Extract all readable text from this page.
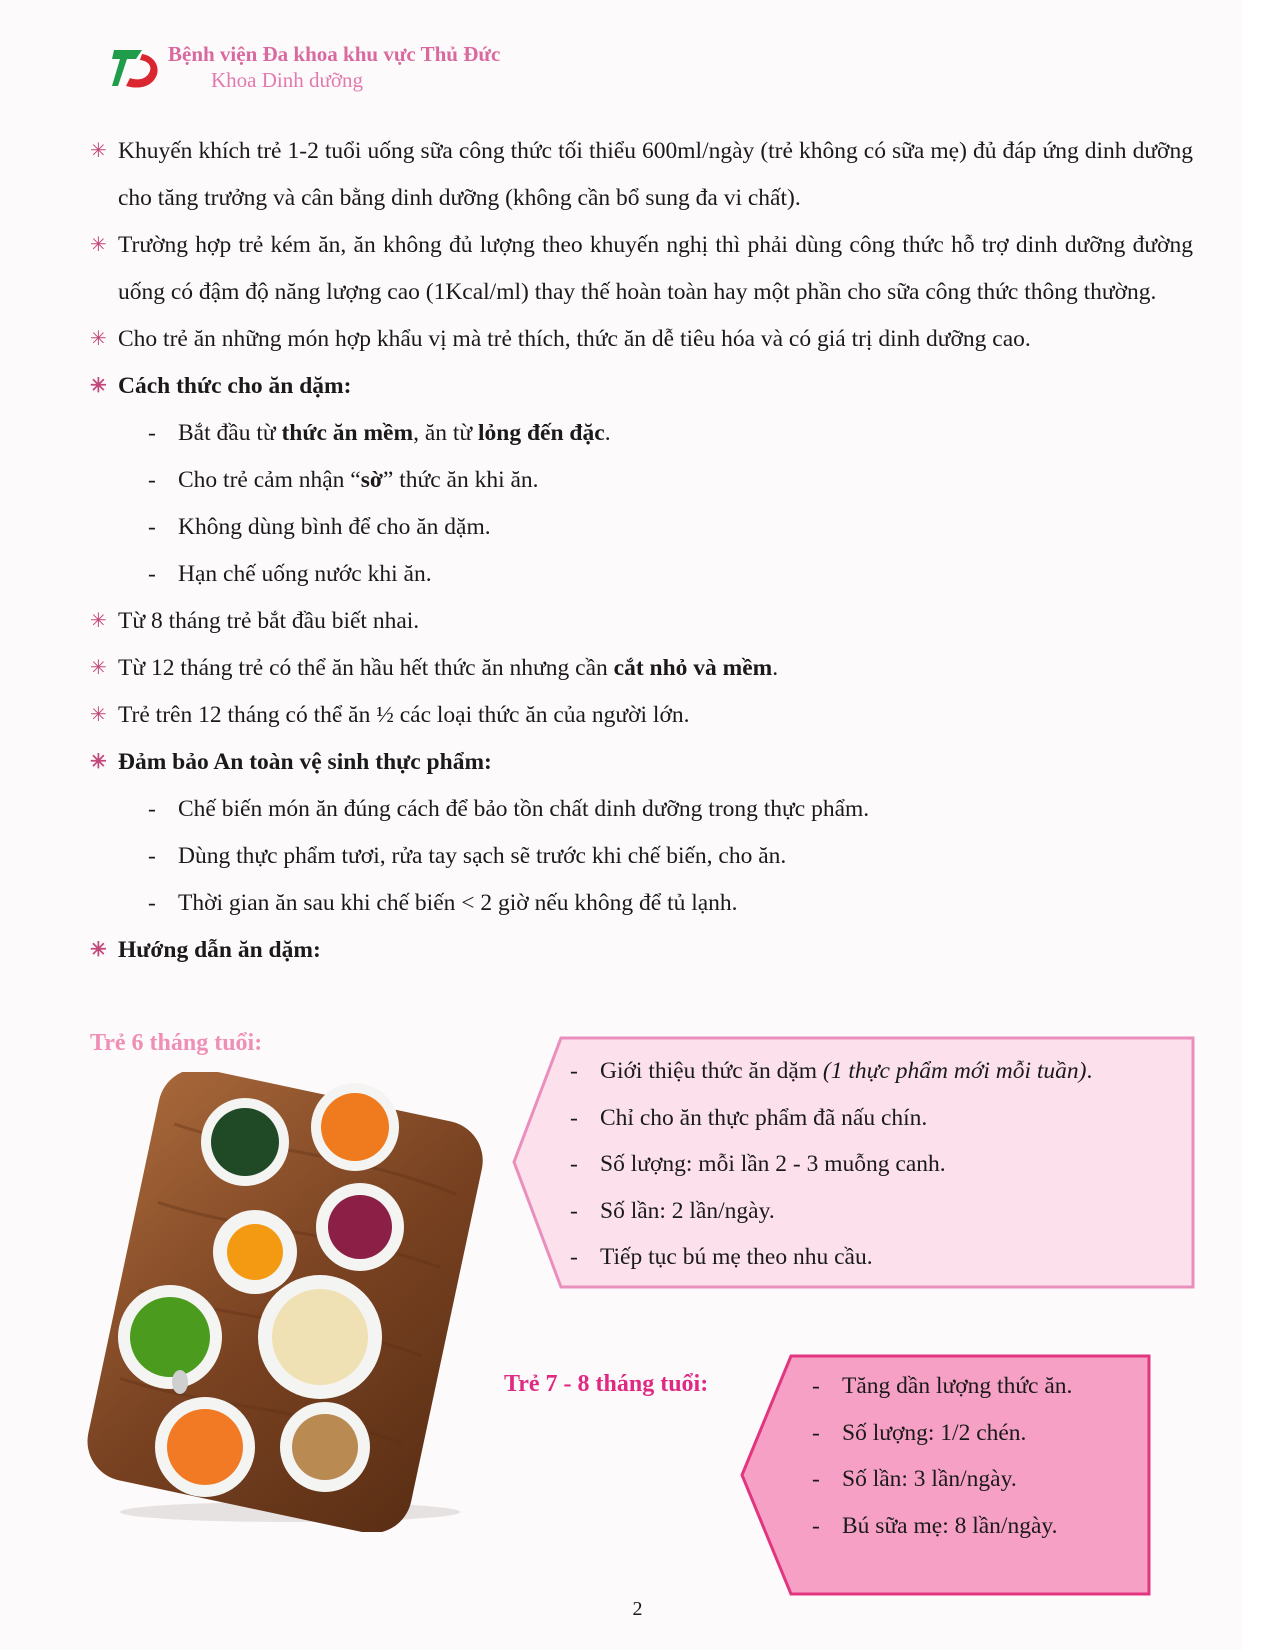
Bệnh viện Đa khoa khu vực Thủ Đức
Khoa Dinh dưỡng
✳ Khuyến khích trẻ 1-2 tuổi uống sữa công thức tối thiểu 600ml/ngày (trẻ không có sữa mẹ) đủ đáp ứng dinh dưỡng cho tăng trưởng và cân bằng dinh dưỡng (không cần bổ sung đa vi chất).
✳ Trường hợp trẻ kém ăn, ăn không đủ lượng theo khuyến nghị thì phải dùng công thức hỗ trợ dinh dưỡng đường uống có đậm độ năng lượng cao (1Kcal/ml) thay thế hoàn toàn hay một phần cho sữa công thức thông thường.
✳ Cho trẻ ăn những món hợp khẩu vị mà trẻ thích, thức ăn dễ tiêu hóa và có giá trị dinh dưỡng cao.
✳ Cách thức cho ăn dặm:
- Bắt đầu từ thức ăn mềm, ăn từ lỏng đến đặc.
- Cho trẻ cảm nhận “sờ” thức ăn khi ăn.
- Không dùng bình để cho ăn dặm.
- Hạn chế uống nước khi ăn.
✳ Từ 8 tháng trẻ bắt đầu biết nhai.
✳ Từ 12 tháng trẻ có thể ăn hầu hết thức ăn nhưng cần cắt nhỏ và mềm.
✳ Trẻ trên 12 tháng có thể ăn ½ các loại thức ăn của người lớn.
✳ Đảm bảo An toàn vệ sinh thực phẩm:
- Chế biến món ăn đúng cách để bảo tồn chất dinh dưỡng trong thực phẩm.
- Dùng thực phẩm tươi, rửa tay sạch sẽ trước khi chế biến, cho ăn.
- Thời gian ăn sau khi chế biến < 2 giờ nếu không để tủ lạnh.
✳ Hướng dẫn ăn dặm:
Trẻ 6 tháng tuổi:
- Giới thiệu thức ăn dặm (1 thực phẩm mới mỗi tuần).
- Chỉ cho ăn thực phẩm đã nấu chín.
- Số lượng: mỗi lần 2 - 3 muỗng canh.
- Số lần: 2 lần/ngày.
- Tiếp tục bú mẹ theo nhu cầu.
Trẻ 7 - 8 tháng tuổi:	- Tăng dần lượng thức ăn.
- Số lượng: 1/2 chén.
- Số lần: 3 lần/ngày.
- Bú sữa mẹ: 8 lần/ngày.
2
